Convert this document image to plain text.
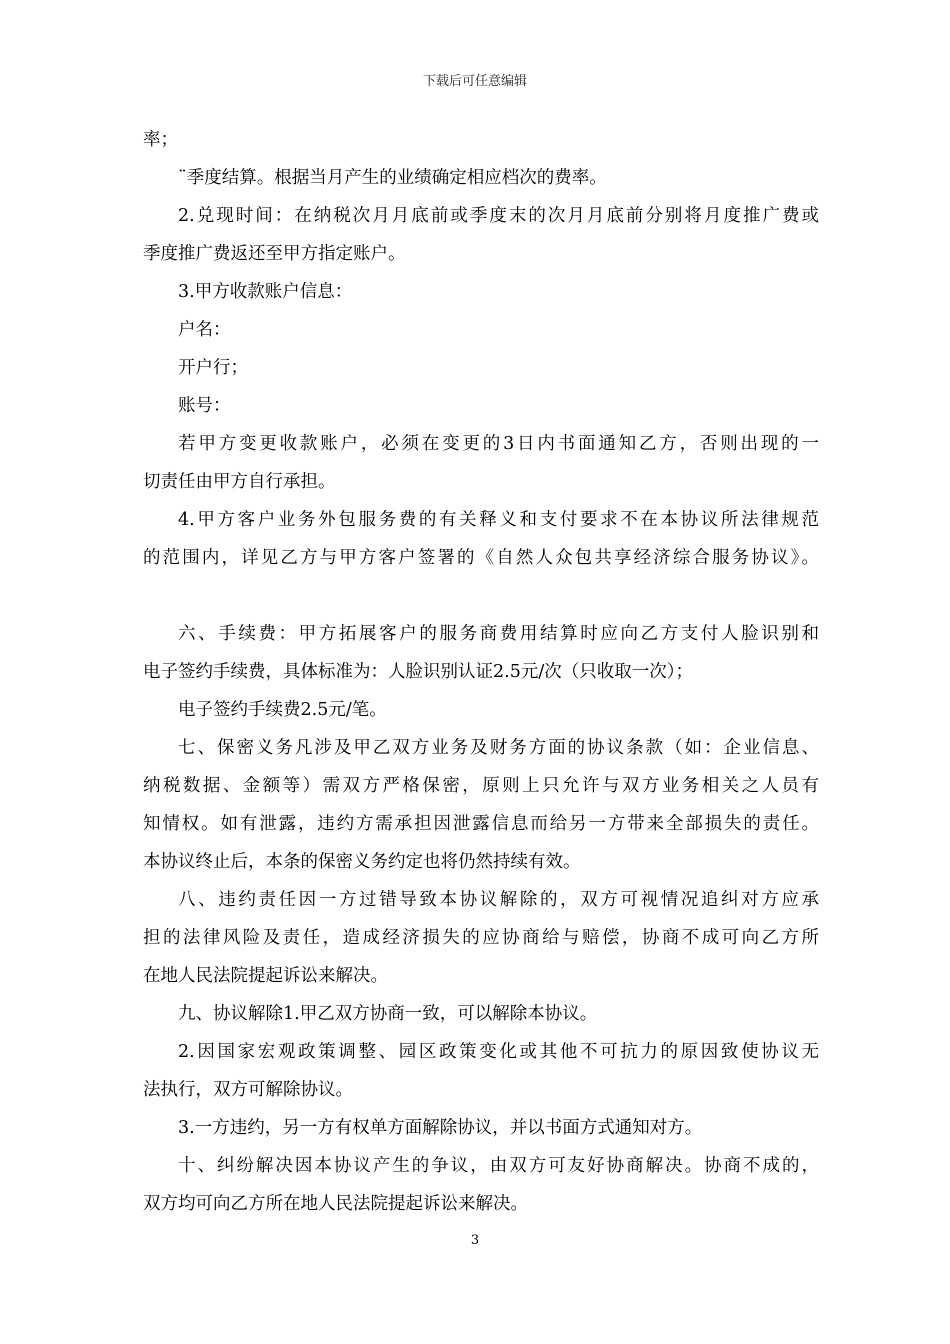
下载后可任意编辑
率；
¨季度结算。根据当月产生的业绩确定相应档次的费率。
2.兑现时间：在纳税次月月底前或季度末的次月月底前分别将月度推广费或
季度推广费返还至甲方指定账户。
3.甲方收款账户信息：
户名：
开户行；
账号：
若甲方变更收款账户，必须在变更的3日内书面通知乙方，否则出现的一
切责任由甲方自行承担。
4.甲方客户业务外包服务费的有关释义和支付要求不在本协议所法律规范
的范围内，详见乙方与甲方客户签署的《自然人众包共享经济综合服务协议》。
六、手续费：甲方拓展客户的服务商费用结算时应向乙方支付人脸识别和
电子签约手续费，具体标准为：人脸识别认证2.5元/次（只收取一次）；
电子签约手续费2.5元/笔。
七、保密义务凡涉及甲乙双方业务及财务方面的协议条款（如：企业信息、
纳税数据、金额等）需双方严格保密，原则上只允许与双方业务相关之人员有
知情权。如有泄露，违约方需承担因泄露信息而给另一方带来全部损失的责任。
本协议终止后，本条的保密义务约定也将仍然持续有效。
八、违约责任因一方过错导致本协议解除的，双方可视情况追纠对方应承
担的法律风险及责任，造成经济损失的应协商给与赔偿，协商不成可向乙方所
在地人民法院提起诉讼来解决。
九、协议解除1.甲乙双方协商一致，可以解除本协议。
2.因国家宏观政策调整、园区政策变化或其他不可抗力的原因致使协议无
法执行，双方可解除协议。
3.一方违约，另一方有权单方面解除协议，并以书面方式通知对方。
十、纠纷解决因本协议产生的争议，由双方可友好协商解决。协商不成的，
双方均可向乙方所在地人民法院提起诉讼来解决。
3
